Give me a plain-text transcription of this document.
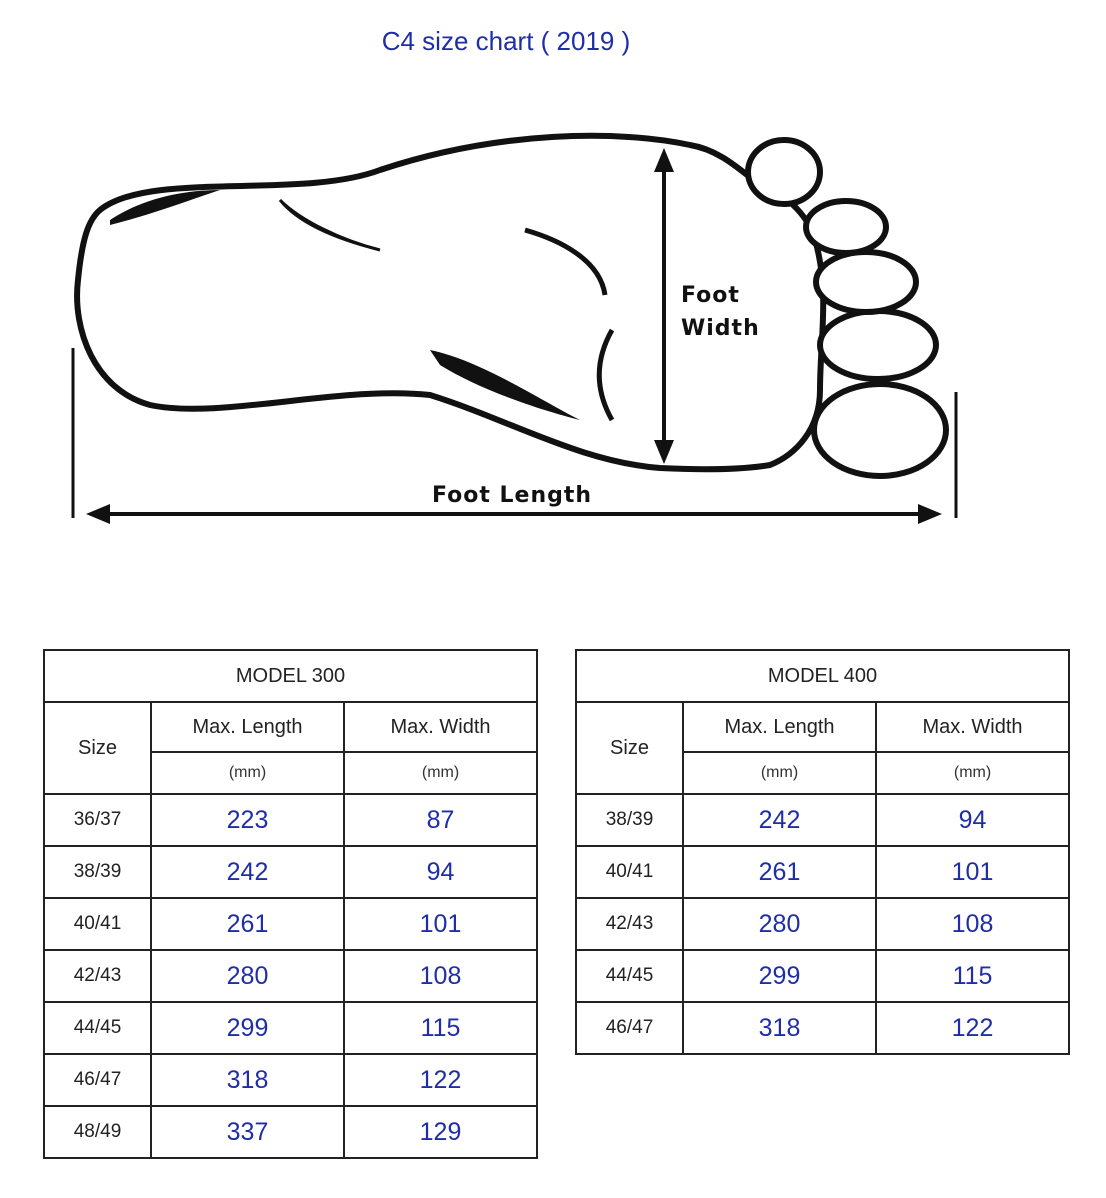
C4 size chart ( 2019 )
Foot
Width
Foot Length
MODEL 300		
Size	Max. Length	Max. Width
	(mm)	(mm)
36/37	223	87
38/39	242	94
40/41	261	101
42/43	280	108
44/45	299	115
46/47	318	122
48/49	337	129
MODEL 400		
Size	Max. Length	Max. Width
	(mm)	(mm)
38/39	242	94
40/41	261	101
42/43	280	108
44/45	299	115
46/47	318	122
